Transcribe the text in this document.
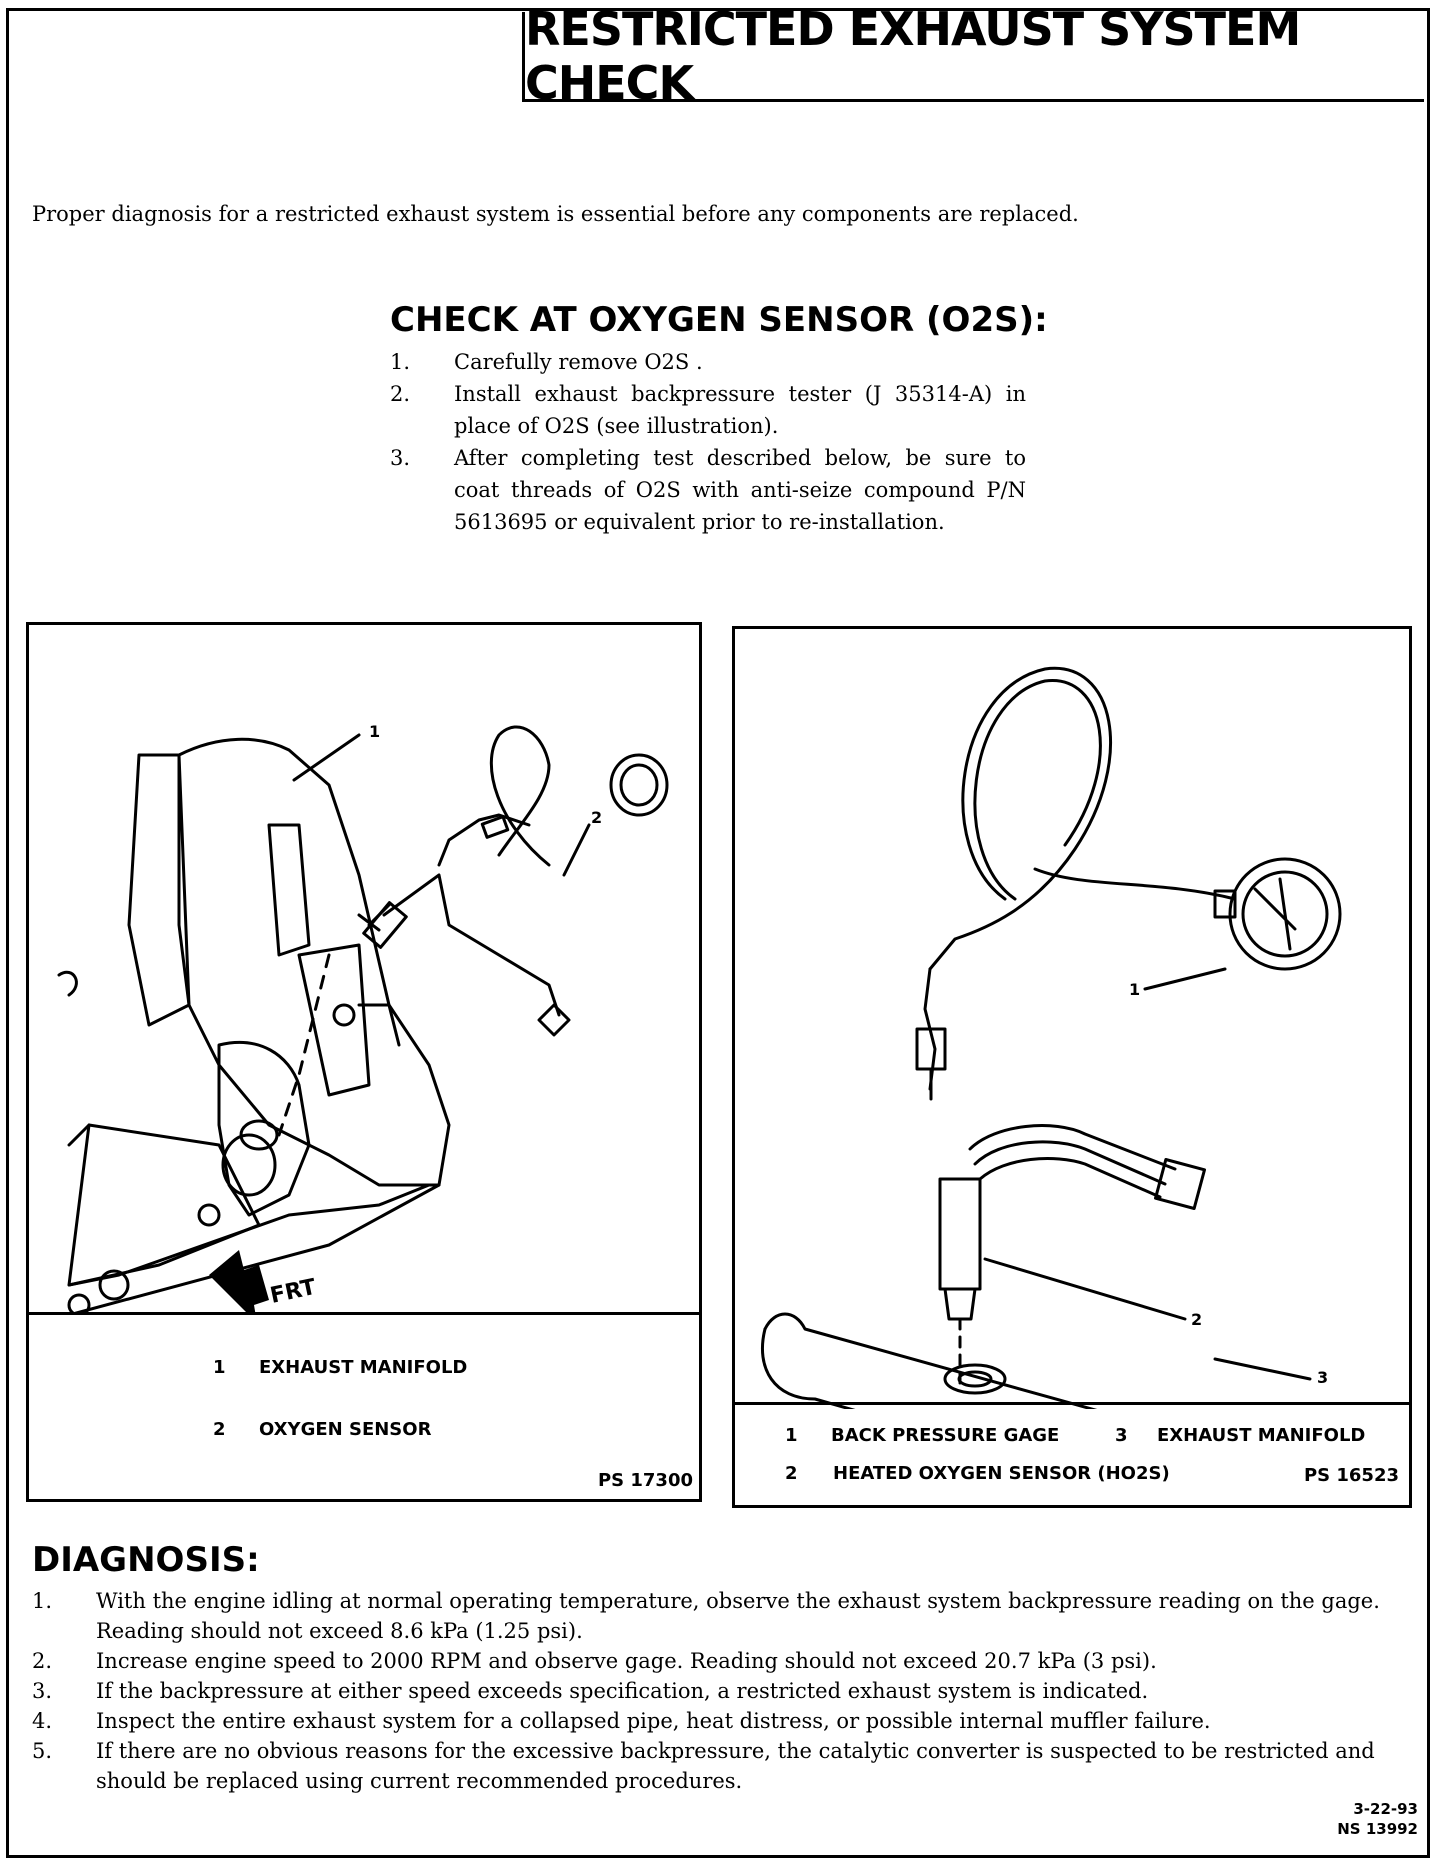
RESTRICTED EXHAUST SYSTEM CHECK
Proper diagnosis for a restricted exhaust system is essential before any components are replaced.
CHECK AT OXYGEN SENSOR (O2S):
1.	Carefully remove O2S .
2.	Install exhaust backpressure tester (J 35314-A) in place of O2S (see illustration).
3.	After completing test described below, be sure to coat threads of O2S with anti-seize compound P/N 5613695 or equivalent prior to re-installation.
1
2
FRT
1 EXHAUST MANIFOLD
2 OXYGEN SENSOR
PS 17300
1
2
3
1 BACK PRESSURE GAGE	3 EXHAUST MANIFOLD
2 HEATED OXYGEN SENSOR (HO2S)	PS 16523
DIAGNOSIS:
1.	With the engine idling at normal operating temperature, observe the exhaust system backpressure reading on the gage. Reading should not exceed 8.6 kPa (1.25 psi).
2.	Increase engine speed to 2000 RPM and observe gage. Reading should not exceed 20.7 kPa (3 psi).
3.	If the backpressure at either speed exceeds specification, a restricted exhaust system is indicated.
4.	Inspect the entire exhaust system for a collapsed pipe, heat distress, or possible internal muffler failure.
5.	If there are no obvious reasons for the excessive backpressure, the catalytic converter is suspected to be restricted and should be replaced using current recommended procedures.
3-22-93
NS 13992
